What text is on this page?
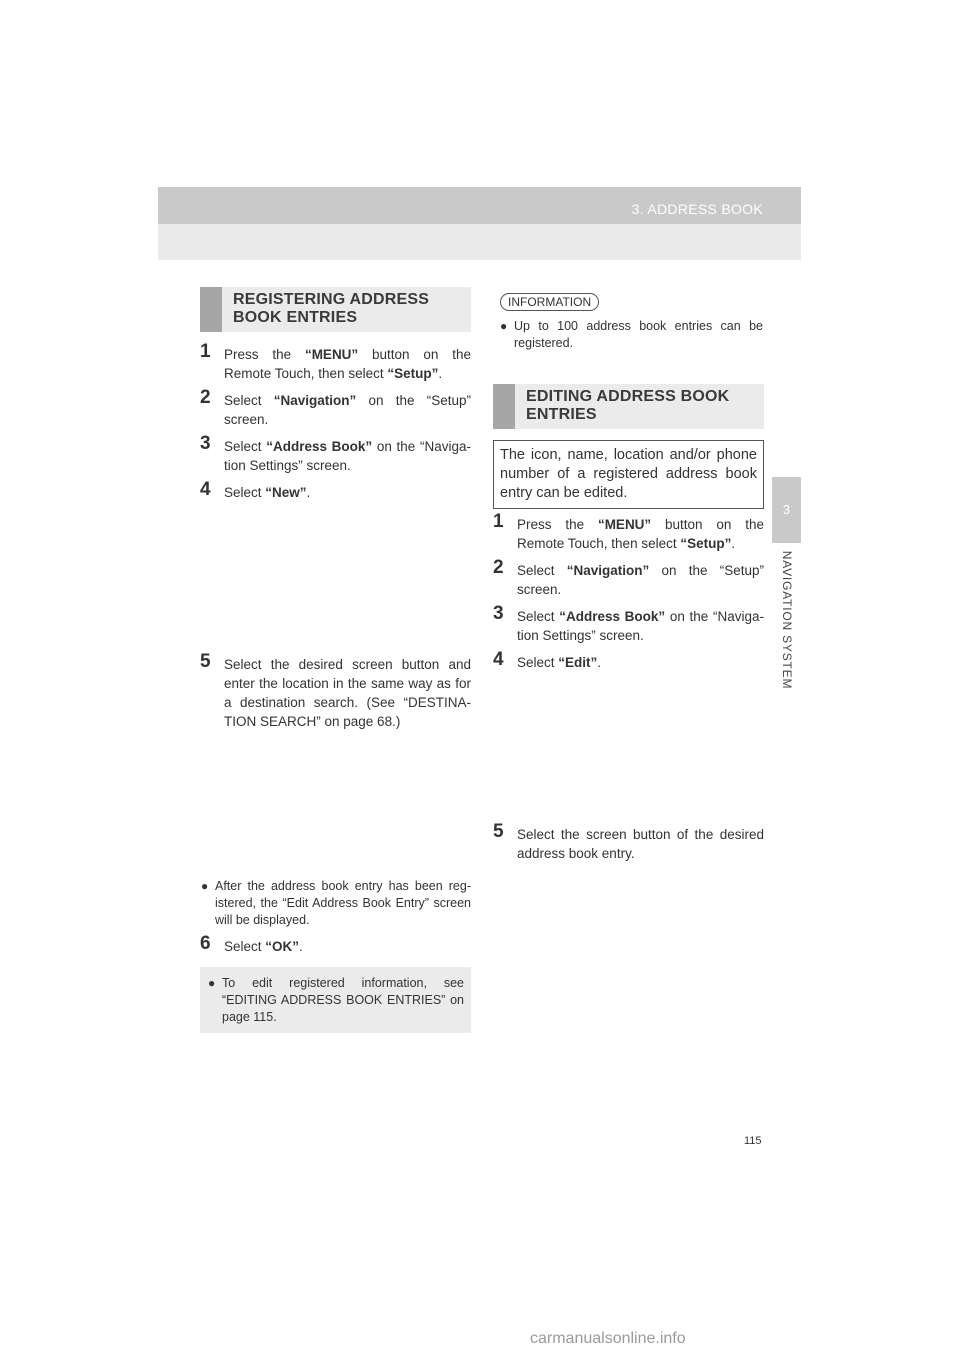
3. ADDRESS BOOK
3
NAVIGATION SYSTEM
REGISTERING ADDRESS
BOOK ENTRIES
1 Press the “MENU” button on the Remote Touch, then select “Setup”.
2 Select “Navigation” on the “Setup” screen.
3 Select “Address Book” on the “Naviga-tion Settings” screen.
4 Select “New”.
5 Select the desired screen button and enter the location in the same way as for a destination search. (See “DESTINA-TION SEARCH” on page 68.)
● After the address book entry has been reg-istered, the “Edit Address Book Entry” screen will be displayed.
6 Select “OK”.
● To edit registered information, see “EDITING ADDRESS BOOK ENTRIES” on page 115.
INFORMATION
● Up to 100 address book entries can be registered.
EDITING ADDRESS BOOK
ENTRIES
The icon, name, location and/or phone number of a registered address book entry can be edited.
1 Press the “MENU” button on the Remote Touch, then select “Setup”.
2 Select “Navigation” on the “Setup” screen.
3 Select “Address Book” on the “Naviga-tion Settings” screen.
4 Select “Edit”.
5 Select the screen button of the desired address book entry.
115
carmanualsonline.info
